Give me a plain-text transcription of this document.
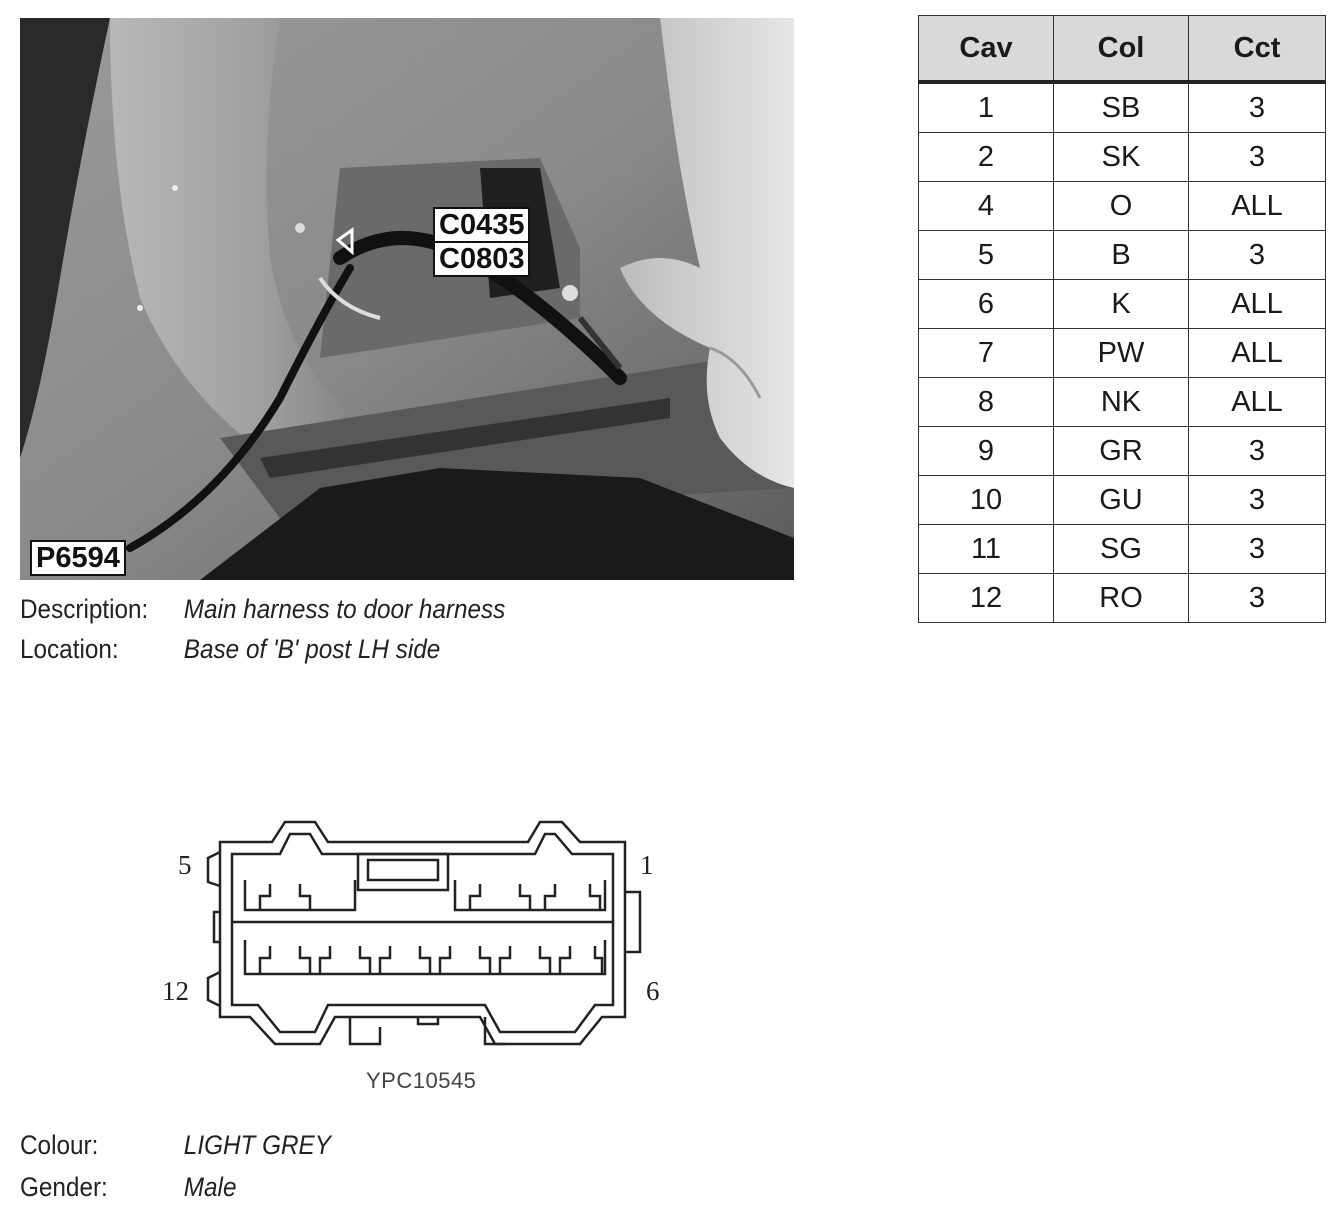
C0435
C0803
P6594
Cav	Col	Cct
1	SB	3
2	SK	3
4	O	ALL
5	B	3
6	K	ALL
7	PW	ALL
8	NK	ALL
9	GR	3
10	GU	3
11	SG	3
12	RO	3
Description: Main harness to door harness
Location: Base of 'B' post LH side
5	1
12	6
YPC10545
Colour:	LIGHT GREY
Gender:	Male
